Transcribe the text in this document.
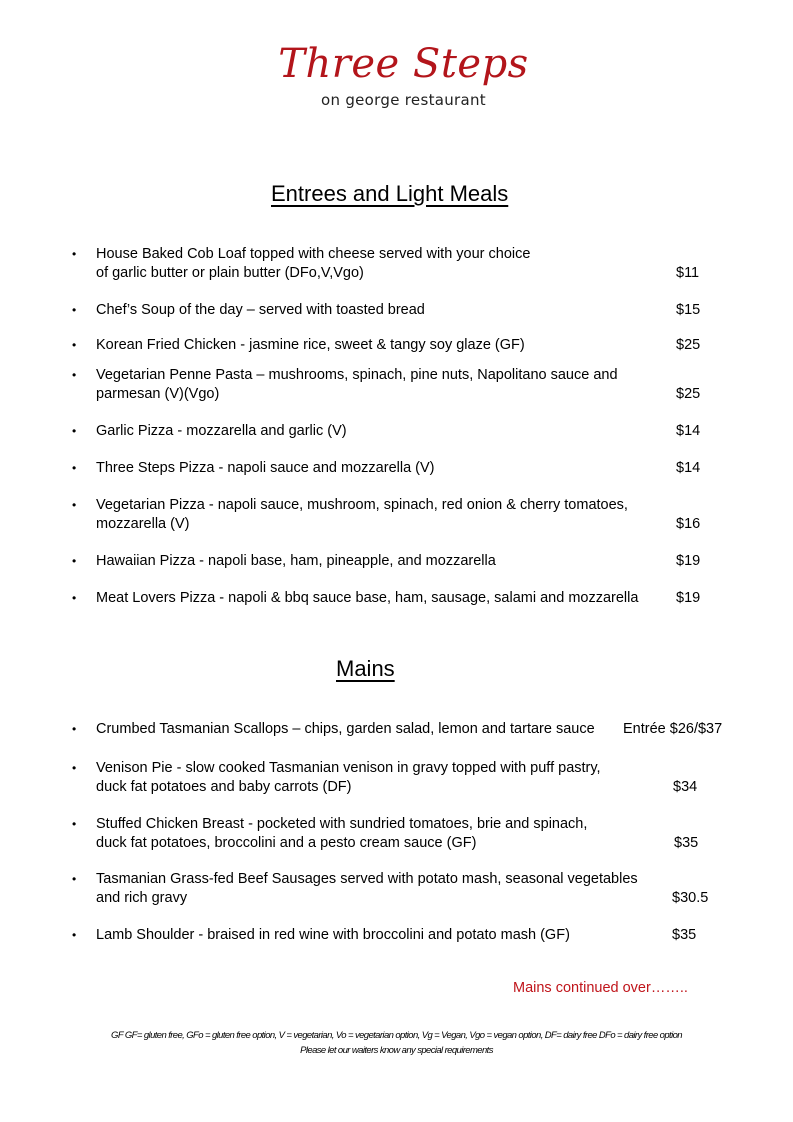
Three Steps
on george restaurant
Entrees and Light Meals
• House Baked Cob Loaf topped with cheese served with your choice
of garlic butter or plain butter (DFo,V,Vgo)	$11
• Chef’s Soup of the day – served with toasted bread	$15
• Korean Fried Chicken - jasmine rice, sweet & tangy soy glaze (GF)	$25
• Vegetarian Penne Pasta – mushrooms, spinach, pine nuts, Napolitano sauce and
parmesan (V)(Vgo)	$25
• Garlic Pizza - mozzarella and garlic (V)	$14
• Three Steps Pizza - napoli sauce and mozzarella (V)	$14
• Vegetarian Pizza - napoli sauce, mushroom, spinach, red onion & cherry tomatoes,
mozzarella (V)	$16
• Hawaiian Pizza - napoli base, ham, pineapple, and mozzarella	$19
• Meat Lovers Pizza - napoli & bbq sauce base, ham, sausage, salami and mozzarella	$19
Mains
• Crumbed Tasmanian Scallops – chips, garden salad, lemon and tartare sauce	Entrée $26/$37
• Venison Pie - slow cooked Tasmanian venison in gravy topped with puff pastry,
duck fat potatoes and baby carrots (DF)	$34
• Stuffed Chicken Breast - pocketed with sundried tomatoes, brie and spinach,
duck fat potatoes, broccolini and a pesto cream sauce (GF)	$35
• Tasmanian Grass-fed Beef Sausages served with potato mash, seasonal vegetables
and rich gravy	$30.5
• Lamb Shoulder - braised in red wine with broccolini and potato mash (GF)	$35
Mains continued over……..
GF GF= gluten free, GFo = gluten free option, V = vegetarian, Vo = vegetarian option, Vg = Vegan, Vgo = vegan option, DF= dairy free DFo = dairy free option
Please let our waiters know any special requirements
